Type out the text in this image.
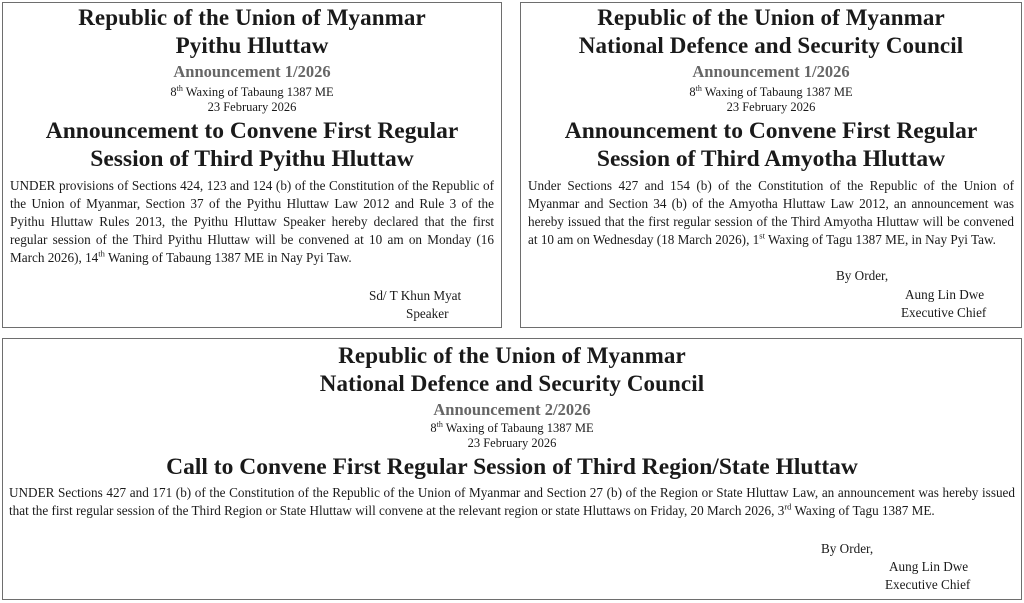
Republic of the Union of Myanmar
Pyithu Hluttaw
Announcement 1/2026
8th Waxing of Tabaung 1387 ME
23 February 2026
Announcement to Convene First Regular
Session of Third Pyithu Hluttaw
UNDER provisions of Sections 424, 123 and 124 (b) of the Constitution of the Republic of the Union of Myanmar, Section 37 of the Pyithu Hluttaw Law 2012 and Rule 3 of the Pyithu Hluttaw Rules 2013, the Pyithu Hluttaw Speaker hereby declared that the first regular session of the Third Pyithu Hluttaw will be convened at 10 am on Monday (16 March 2026), 14th Waning of Tabaung 1387 ME in Nay Pyi Taw.
Sd/ T Khun Myat
Speaker
Republic of the Union of Myanmar
National Defence and Security Council
Announcement 1/2026
8th Waxing of Tabaung 1387 ME
23 February 2026
Announcement to Convene First Regular
Session of Third Amyotha Hluttaw
Under Sections 427 and 154 (b) of the Constitution of the Republic of the Union of Myanmar and Section 34 (b) of the Amyotha Hluttaw Law 2012, an announcement was hereby issued that the first regular session of the Third Amyotha Hluttaw will be convened at 10 am on Wednesday (18 March 2026), 1st Waxing of Tagu 1387 ME, in Nay Pyi Taw.
By Order,
Aung Lin Dwe
Executive Chief
Republic of the Union of Myanmar
National Defence and Security Council
Announcement 2/2026
8th Waxing of Tabaung 1387 ME
23 February 2026
Call to Convene First Regular Session of Third Region/State Hluttaw
UNDER Sections 427 and 171 (b) of the Constitution of the Republic of the Union of Myanmar and Section 27 (b) of the Region or State Hluttaw Law, an announcement was hereby issued that the first regular session of the Third Region or State Hluttaw will convene at the relevant region or state Hluttaws on Friday, 20 March 2026, 3rd Waxing of Tagu 1387 ME.
By Order,
Aung Lin Dwe
Executive Chief
